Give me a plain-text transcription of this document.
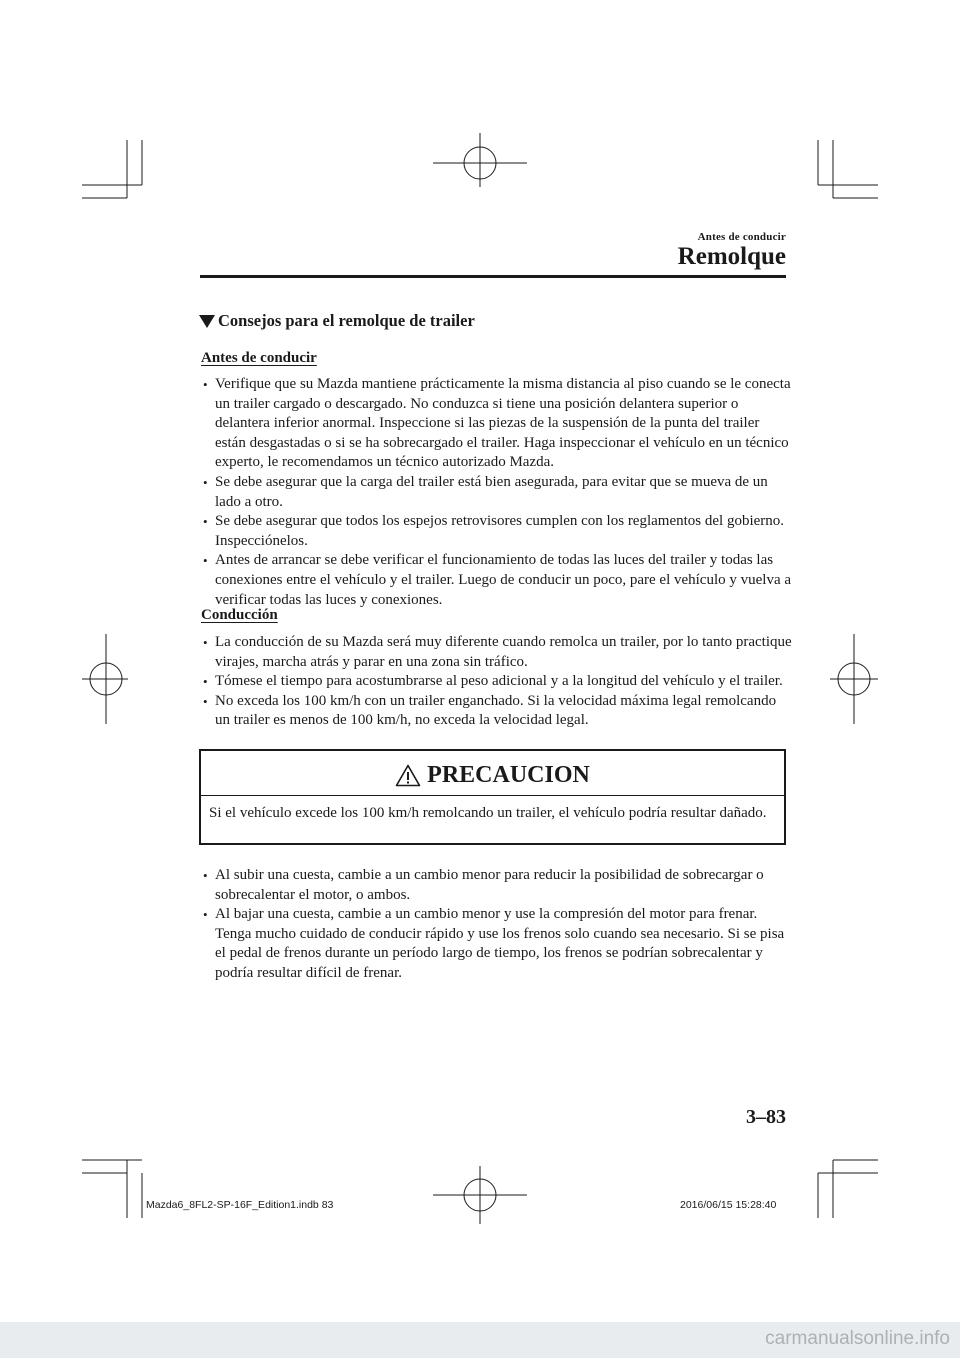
Antes de conducir
Remolque
Consejos para el remolque de trailer
Antes de conducir
• Verifique que su Mazda mantiene prácticamente la misma distancia al piso cuando se le conecta un trailer cargado o descargado. No conduzca si tiene una posición delantera superior o delantera inferior anormal. Inspeccione si las piezas de la suspensión de la punta del trailer están desgastadas o si se ha sobrecargado el trailer. Haga inspeccionar el vehículo en un técnico experto, le recomendamos un técnico autorizado Mazda.
• Se debe asegurar que la carga del trailer está bien asegurada, para evitar que se mueva de un lado a otro.
• Se debe asegurar que todos los espejos retrovisores cumplen con los reglamentos del gobierno. Inspecciónelos.
• Antes de arrancar se debe verificar el funcionamiento de todas las luces del trailer y todas las conexiones entre el vehículo y el trailer. Luego de conducir un poco, pare el vehículo y vuelva a verificar todas las luces y conexiones.
Conducción
• La conducción de su Mazda será muy diferente cuando remolca un trailer, por lo tanto practique virajes, marcha atrás y parar en una zona sin tráfico.
• Tómese el tiempo para acostumbrarse al peso adicional y a la longitud del vehículo y el trailer.
• No exceda los 100 km/h con un trailer enganchado. Si la velocidad máxima legal remolcando un trailer es menos de 100 km/h, no exceda la velocidad legal.
PRECAUCION
Si el vehículo excede los 100 km/h remolcando un trailer, el vehículo podría resultar dañado.
• Al subir una cuesta, cambie a un cambio menor para reducir la posibilidad de sobrecargar o sobrecalentar el motor, o ambos.
• Al bajar una cuesta, cambie a un cambio menor y use la compresión del motor para frenar. Tenga mucho cuidado de conducir rápido y use los frenos solo cuando sea necesario. Si se pisa el pedal de frenos durante un período largo de tiempo, los frenos se podrían sobrecalentar y podría resultar difícil de frenar.
3–83
Mazda6_8FL2-SP-16F_Edition1.indb 83	2016/06/15 15:28:40
carmanualsonline.info
